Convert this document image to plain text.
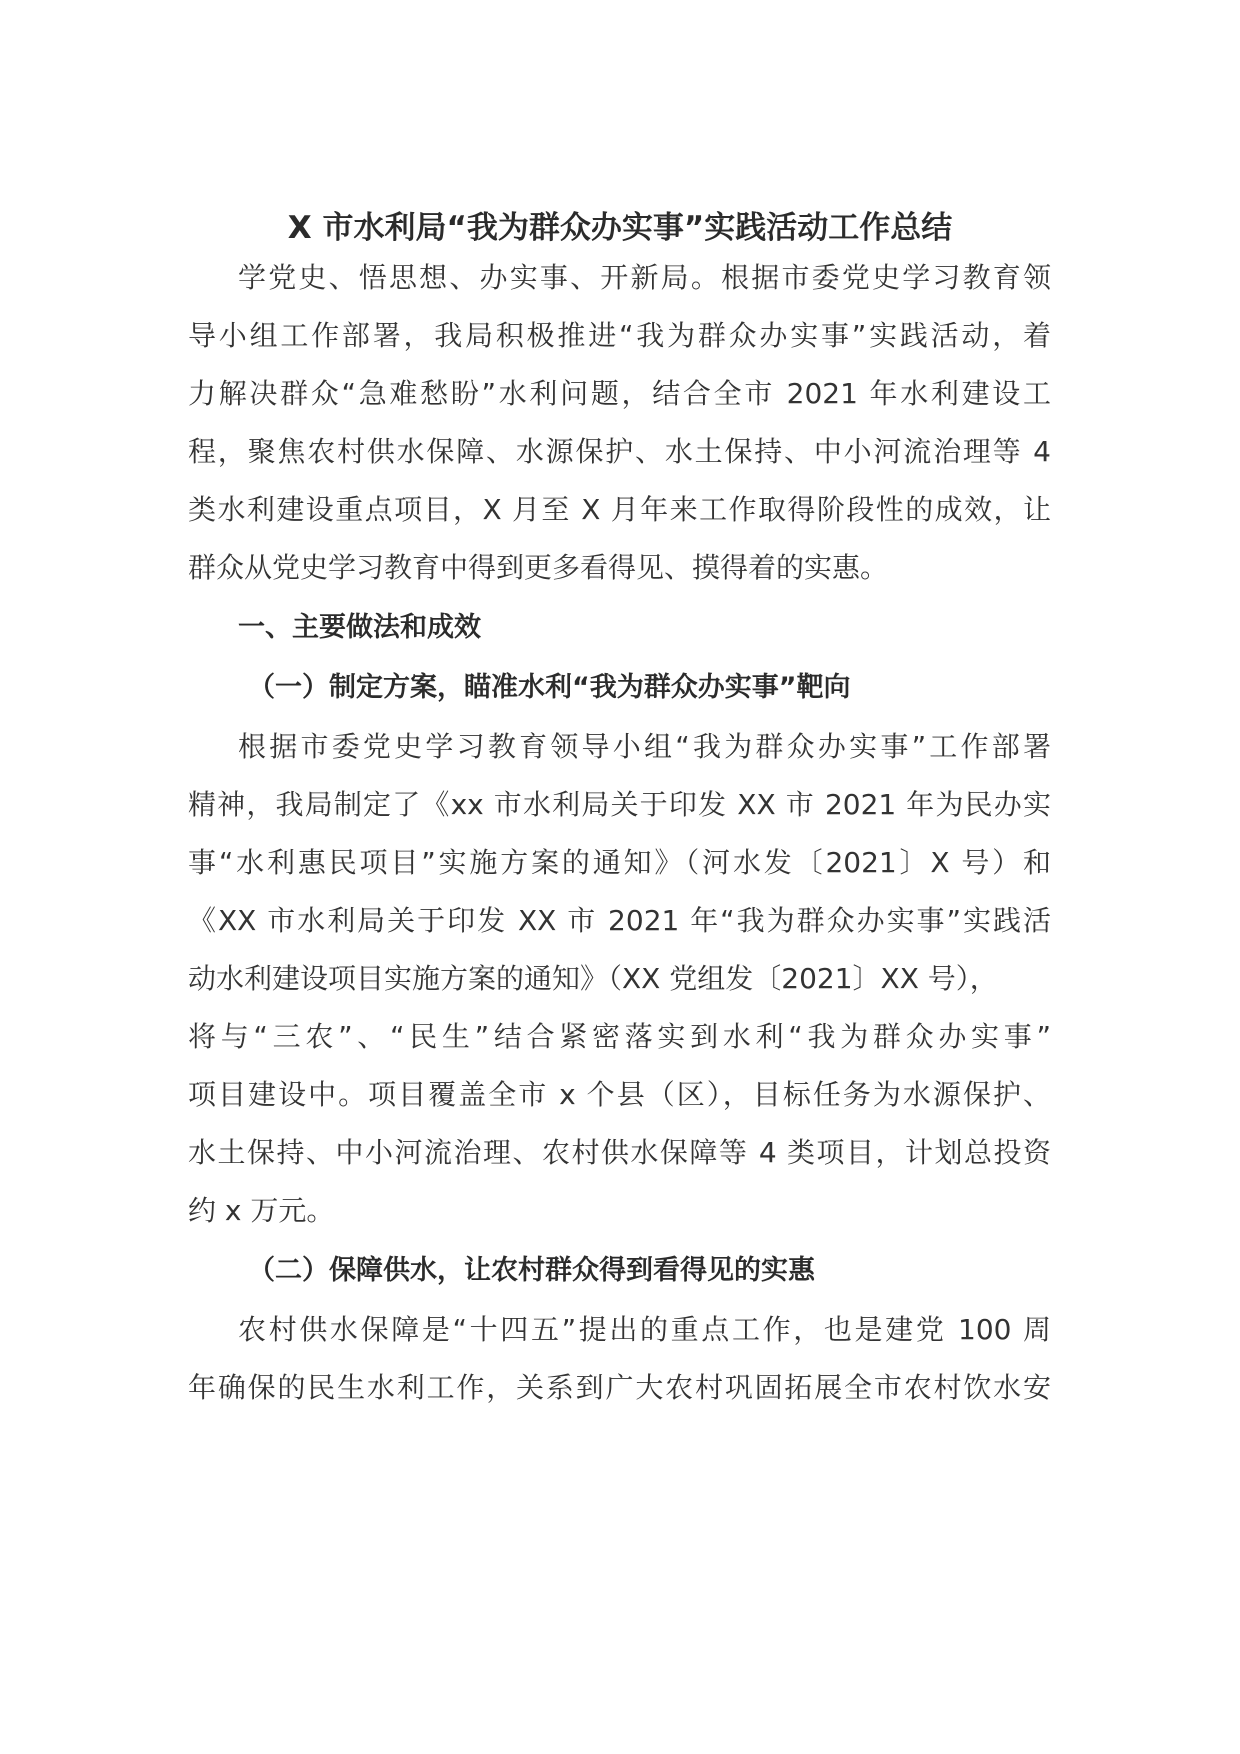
X 市水利局“我为群众办实事”实践活动工作总结
学党史、悟思想、办实事、开新局。根据市委党史学习教育领
导小组工作部署，我局积极推进“我为群众办实事”实践活动，着
力解决群众“急难愁盼”水利问题，结合全市 2021 年水利建设工
程，聚焦农村供水保障、水源保护、水土保持、中小河流治理等 4
类水利建设重点项目，X 月至 X 月年来工作取得阶段性的成效，让
群众从党史学习教育中得到更多看得见、摸得着的实惠。
一、主要做法和成效
（一）制定方案，瞄准水利“我为群众办实事”靶向
根据市委党史学习教育领导小组“我为群众办实事”工作部署
精神，我局制定了《xx 市水利局关于印发 XX 市 2021 年为民办实
事“水利惠民项目”实施方案的通知》（河水发〔2021〕X 号）和
《XX 市水利局关于印发 XX 市 2021 年“我为群众办实事”实践活
动水利建设项目实施方案的通知》（XX 党组发〔2021〕XX 号），
将与“三农”、“民生”结合紧密落实到水利“我为群众办实事”
项目建设中。项目覆盖全市 x 个县（区），目标任务为水源保护、
水土保持、中小河流治理、农村供水保障等 4 类项目，计划总投资
约 x 万元。
（二）保障供水，让农村群众得到看得见的实惠
农村供水保障是“十四五”提出的重点工作，也是建党 100 周
年确保的民生水利工作，关系到广大农村巩固拓展全市农村饮水安
